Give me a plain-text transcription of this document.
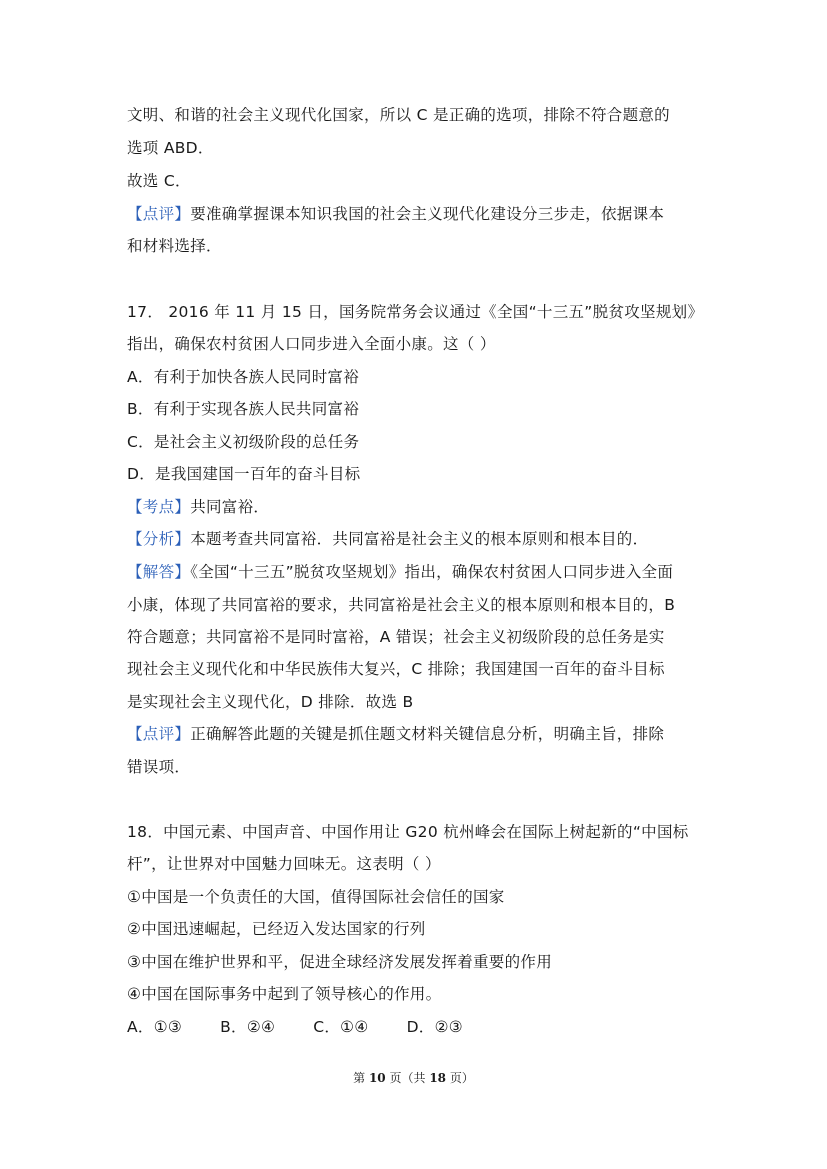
文明、和谐的社会主义现代化国家，所以 C 是正确的选项，排除不符合题意的
选项 ABD．
故选 C．
【点评】要准确掌握课本知识我国的社会主义现代化建设分三步走，依据课本
和材料选择．
17． 2016 年 11 月 15 日，国务院常务会议通过《全国“十三五”脱贫攻坚规划》
指出，确保农村贫困人口同步进入全面小康。这（ ）
A．有利于加快各族人民同时富裕
B．有利于实现各族人民共同富裕
C．是社会主义初级阶段的总任务
D．是我国建国一百年的奋斗目标
【考点】共同富裕．
【分析】本题考查共同富裕．共同富裕是社会主义的根本原则和根本目的．
【解答】《全国“十三五”脱贫攻坚规划》指出，确保农村贫困人口同步进入全面
小康，体现了共同富裕的要求，共同富裕是社会主义的根本原则和根本目的，B
符合题意；共同富裕不是同时富裕，A 错误；社会主义初级阶段的总任务是实
现社会主义现代化和中华民族伟大复兴，C 排除；我国建国一百年的奋斗目标
是实现社会主义现代化，D 排除．故选 B
【点评】正确解答此题的关键是抓住题文材料关键信息分析，明确主旨，排除
错误项．
18．中国元素、中国声音、中国作用让 G20 杭州峰会在国际上树起新的“中国标
杆”，让世界对中国魅力回味无。这表明（ ）
①中国是一个负责任的大国，值得国际社会信任的国家
②中国迅速崛起，已经迈入发达国家的行列
③中国在维护世界和平，促进全球经济发展发挥着重要的作用
④中国在国际事务中起到了领导核心的作用。
A．①③ B．②④ C．①④ D．②③
第 10 页（共 18 页）
